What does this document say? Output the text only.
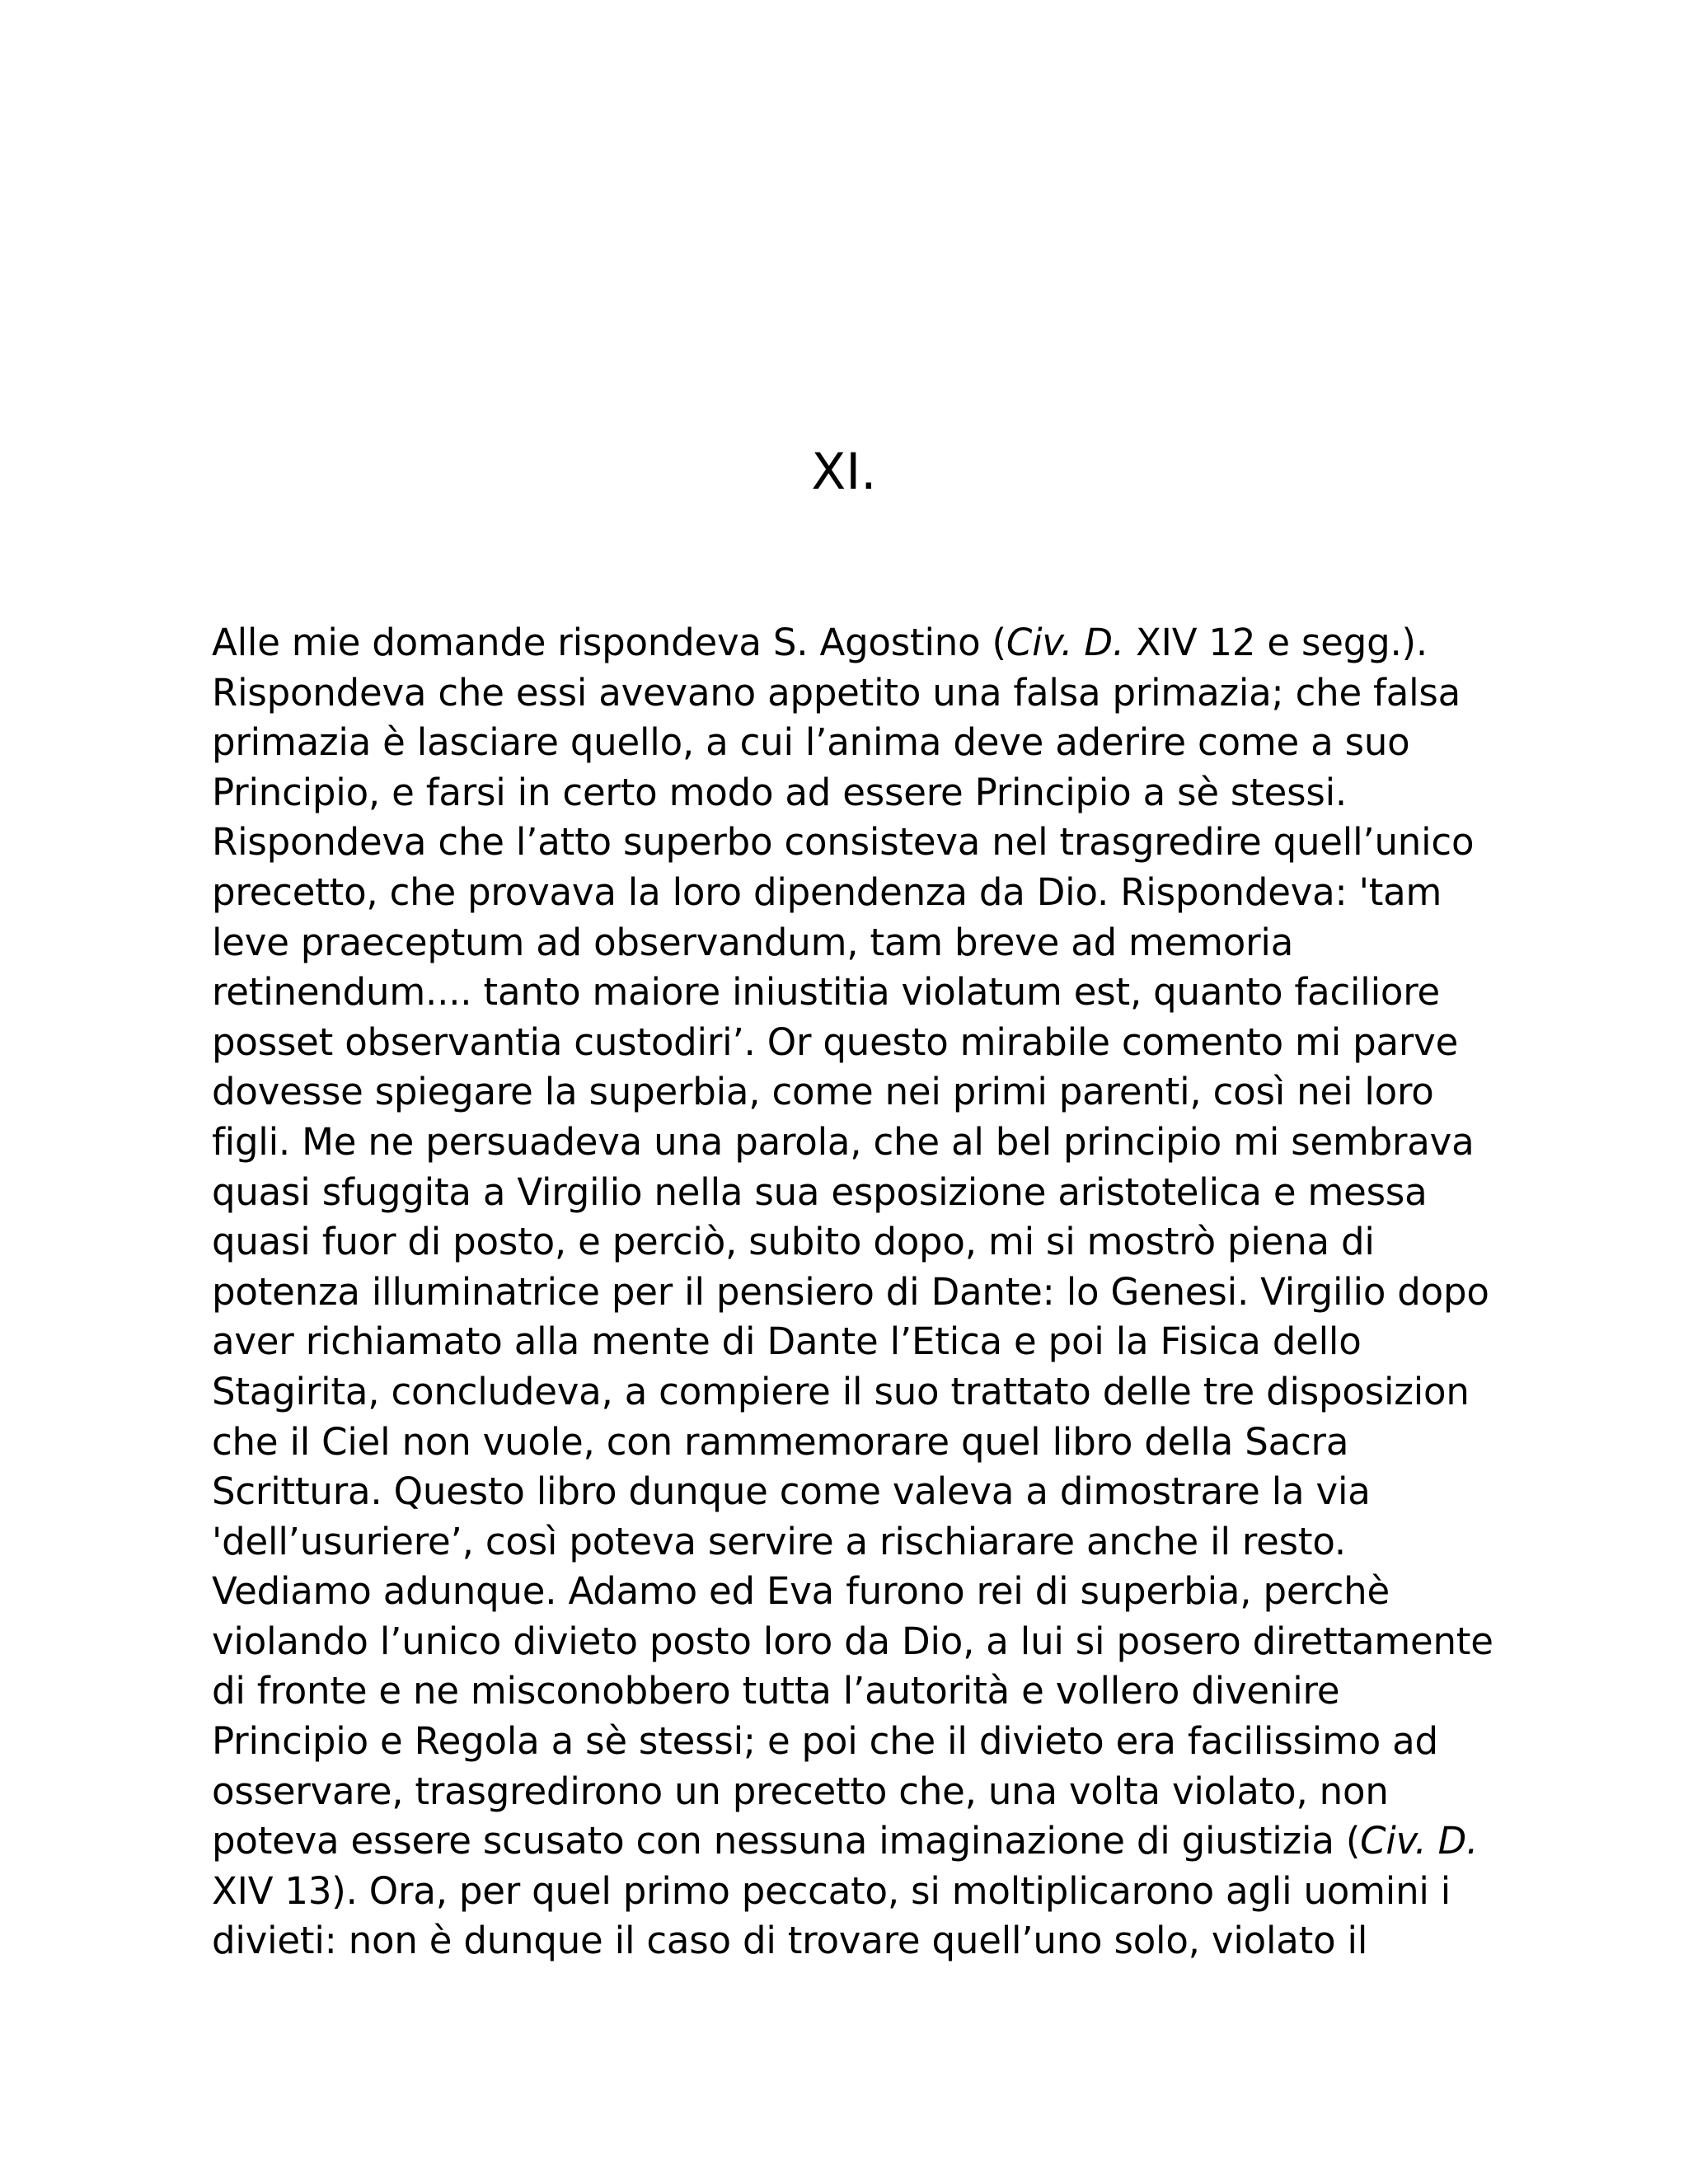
XI.
Alle mie domande rispondeva S. Agostino (Civ. D. XIV 12 e segg.).
Rispondeva che essi avevano appetito una falsa primazia; che falsa
primazia è lasciare quello, a cui l’anima deve aderire come a suo
Principio, e farsi in certo modo ad essere Principio a sè stessi.
Rispondeva che l’atto superbo consisteva nel trasgredire quell’unico
precetto, che provava la loro dipendenza da Dio. Rispondeva: 'tam
leve praeceptum ad observandum, tam breve ad memoria
retinendum.... tanto maiore iniustitia violatum est, quanto faciliore
posset observantia custodiri’. Or questo mirabile comento mi parve
dovesse spiegare la superbia, come nei primi parenti, così nei loro
figli. Me ne persuadeva una parola, che al bel principio mi sembrava
quasi sfuggita a Virgilio nella sua esposizione aristotelica e messa
quasi fuor di posto, e perciò, subito dopo, mi si mostrò piena di
potenza illuminatrice per il pensiero di Dante: lo Genesi. Virgilio dopo
aver richiamato alla mente di Dante l’Etica e poi la Fisica dello
Stagirita, concludeva, a compiere il suo trattato delle tre disposizion
che il Ciel non vuole, con rammemorare quel libro della Sacra
Scrittura. Questo libro dunque come valeva a dimostrare la via
'dell’usuriere’, così poteva servire a rischiarare anche il resto.
Vediamo adunque. Adamo ed Eva furono rei di superbia, perchè
violando l’unico divieto posto loro da Dio, a lui si posero direttamente
di fronte e ne misconobbero tutta l’autorità e vollero divenire
Principio e Regola a sè stessi; e poi che il divieto era facilissimo ad
osservare, trasgredirono un precetto che, una volta violato, non
poteva essere scusato con nessuna imaginazione di giustizia (Civ. D.
XIV 13). Ora, per quel primo peccato, si moltiplicarono agli uomini i
divieti: non è dunque il caso di trovare quell’uno solo, violato il
